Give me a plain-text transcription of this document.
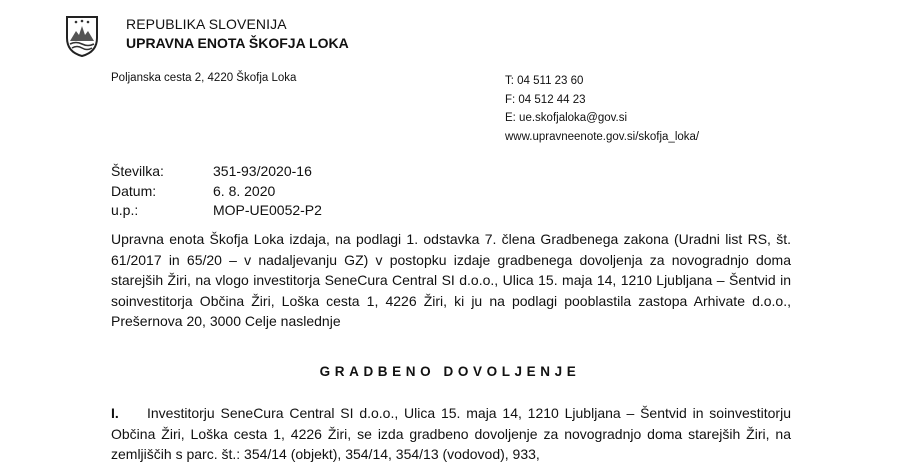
REPUBLIKA SLOVENIJA
UPRAVNA ENOTA ŠKOFJA LOKA
Poljanska cesta 2, 4220 Škofja Loka	T: 04 511 23 60
F: 04 512 44 23
E: ue.skofjaloka@gov.si
www.upravneenote.gov.si/skofja_loka/
Številka:	351-93/2020-16
Datum:	6. 8. 2020
u.p.:	MOP-UE0052-P2
Upravna enota Škofja Loka izdaja, na podlagi 1. odstavka 7. člena Gradbenega zakona (Uradni list RS, št. 61/2017 in 65/20 – v nadaljevanju GZ) v postopku izdaje gradbenega dovoljenja za novogradnjo doma starejših Žiri, na vlogo investitorja SeneCura Central SI d.o.o., Ulica 15. maja 14, 1210 Ljubljana – Šentvid in soinvestitorja Občina Žiri, Loška cesta 1, 4226 Žiri, ki ju na podlagi pooblastila zastopa Arhivate d.o.o., Prešernova 20, 3000 Celje naslednje
GRADBENO DOVOLJENJE
I. Investitorju SeneCura Central SI d.o.o., Ulica 15. maja 14, 1210 Ljubljana – Šentvid in soinvestitorju Občina Žiri, Loška cesta 1, 4226 Žiri, se izda gradbeno dovoljenje za novogradnjo doma starejših Žiri, na zemljiščih s parc. št.: 354/14 (objekt), 354/14, 354/13 (vodovod), 933,
